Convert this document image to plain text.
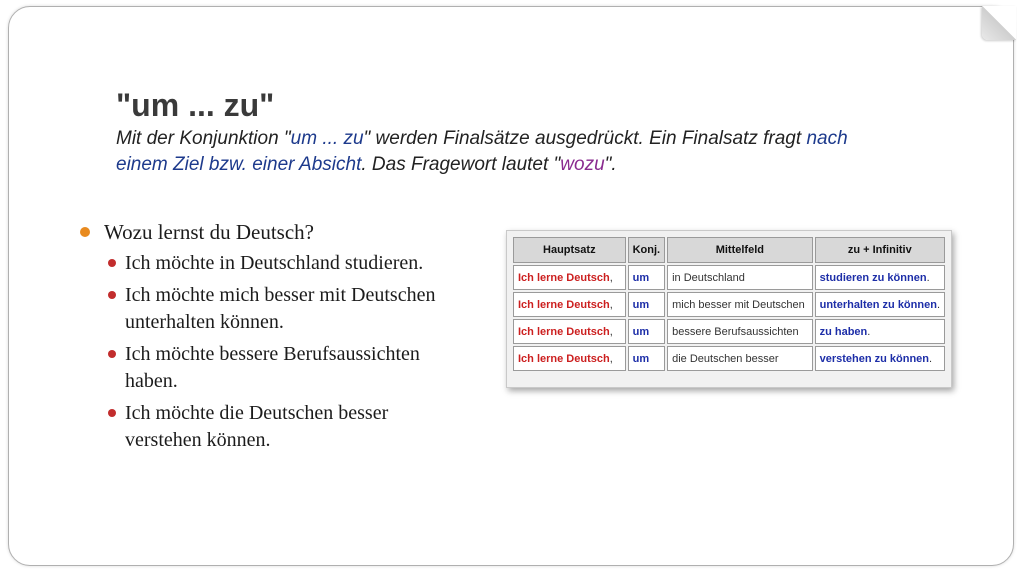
"um ... zu"
Mit der Konjunktion "um ... zu" werden Finalsätze ausgedrückt. Ein Finalsatz fragt nach einem Ziel bzw. einer Absicht. Das Fragewort lautet "wozu".
Wozu lernst du Deutsch?
Ich möchte in Deutschland studieren.
Ich möchte mich besser mit Deutschen unterhalten können.
Ich möchte bessere Berufsaussichten haben.
Ich möchte die Deutschen besser verstehen können.
Hauptsatz	Konj.	Mittelfeld	zu + Infinitiv
Ich lerne Deutsch,	um	in Deutschland	studieren zu können.
Ich lerne Deutsch,	um	mich besser mit Deutschen	unterhalten zu können.
Ich lerne Deutsch,	um	bessere Berufsaussichten	zu haben.
Ich lerne Deutsch,	um	die Deutschen besser	verstehen zu können.
